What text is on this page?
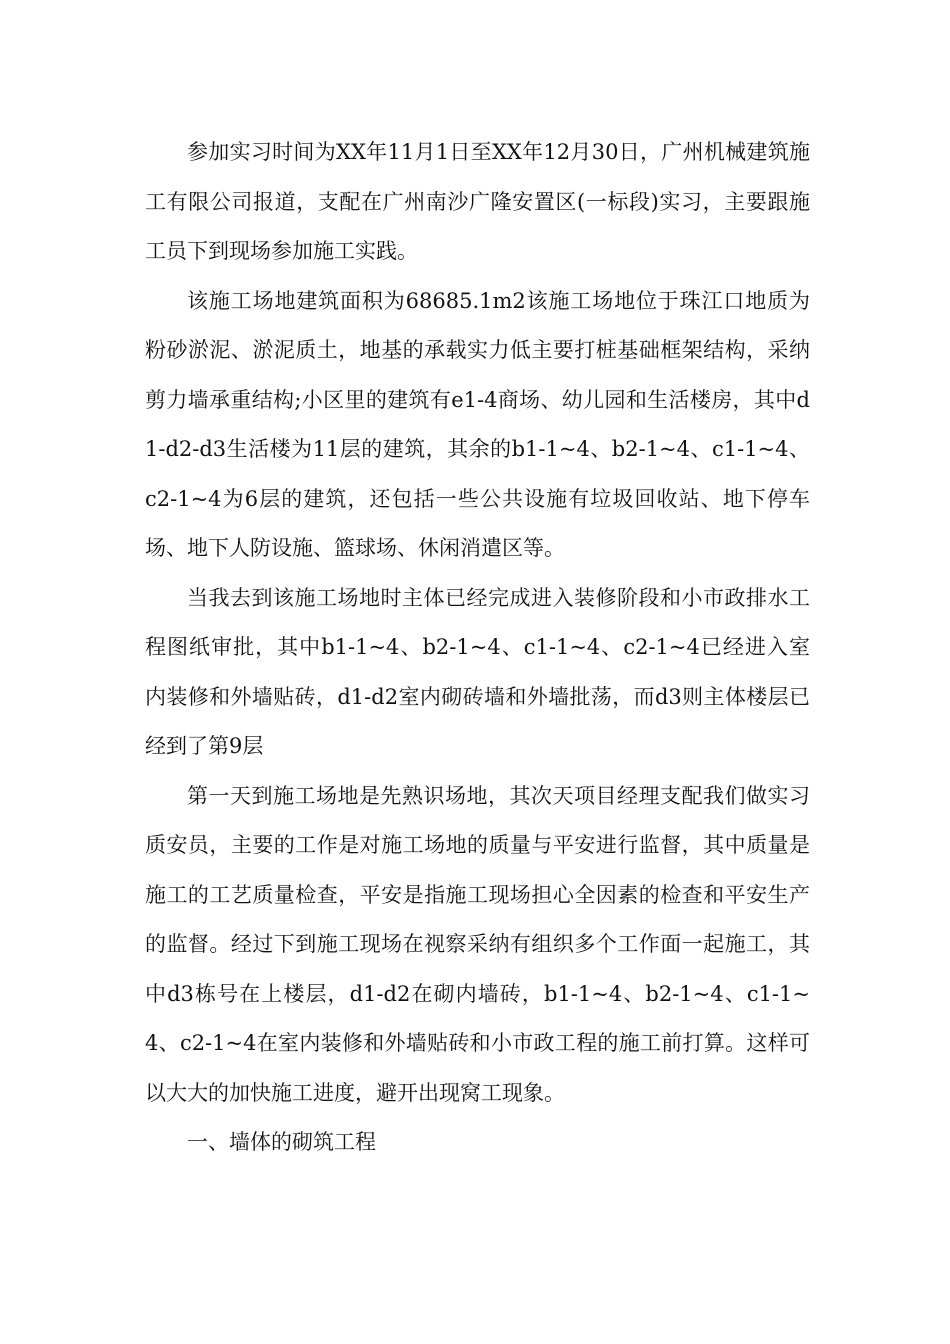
参加实习时间为XX年11月1日至XX年12月30日，广州机械建筑施工有限公司报道，支配在广州南沙广隆安置区(一标段)实习，主要跟施工员下到现场参加施工实践。

该施工场地建筑面积为68685.1m2该施工场地位于珠江口地质为粉砂淤泥、淤泥质土，地基的承载实力低主要打桩基础框架结构，采纳剪力墙承重结构;小区里的建筑有e1-4商场、幼儿园和生活楼房，其中d1-d2-d3生活楼为11层的建筑，其余的b1-1~4、b2-1~4、c1-1~4、c2-1~4为6层的建筑，还包括一些公共设施有垃圾回收站、地下停车场、地下人防设施、篮球场、休闲消遣区等。

当我去到该施工场地时主体已经完成进入装修阶段和小市政排水工程图纸审批，其中b1-1~4、b2-1~4、c1-1~4、c2-1~4已经进入室内装修和外墙贴砖，d1-d2室内砌砖墙和外墙批荡，而d3则主体楼层已经到了第9层

第一天到施工场地是先熟识场地，其次天项目经理支配我们做实习质安员，主要的工作是对施工场地的质量与平安进行监督，其中质量是施工的工艺质量检查，平安是指施工现场担心全因素的检查和平安生产的监督。经过下到施工现场在视察采纳有组织多个工作面一起施工，其中d3栋号在上楼层，d1-d2在砌内墙砖，b1-1~4、b2-1~4、c1-1~4、c2-1~4在室内装修和外墙贴砖和小市政工程的施工前打算。这样可以大大的加快施工进度，避开出现窝工现象。

一、墙体的砌筑工程
